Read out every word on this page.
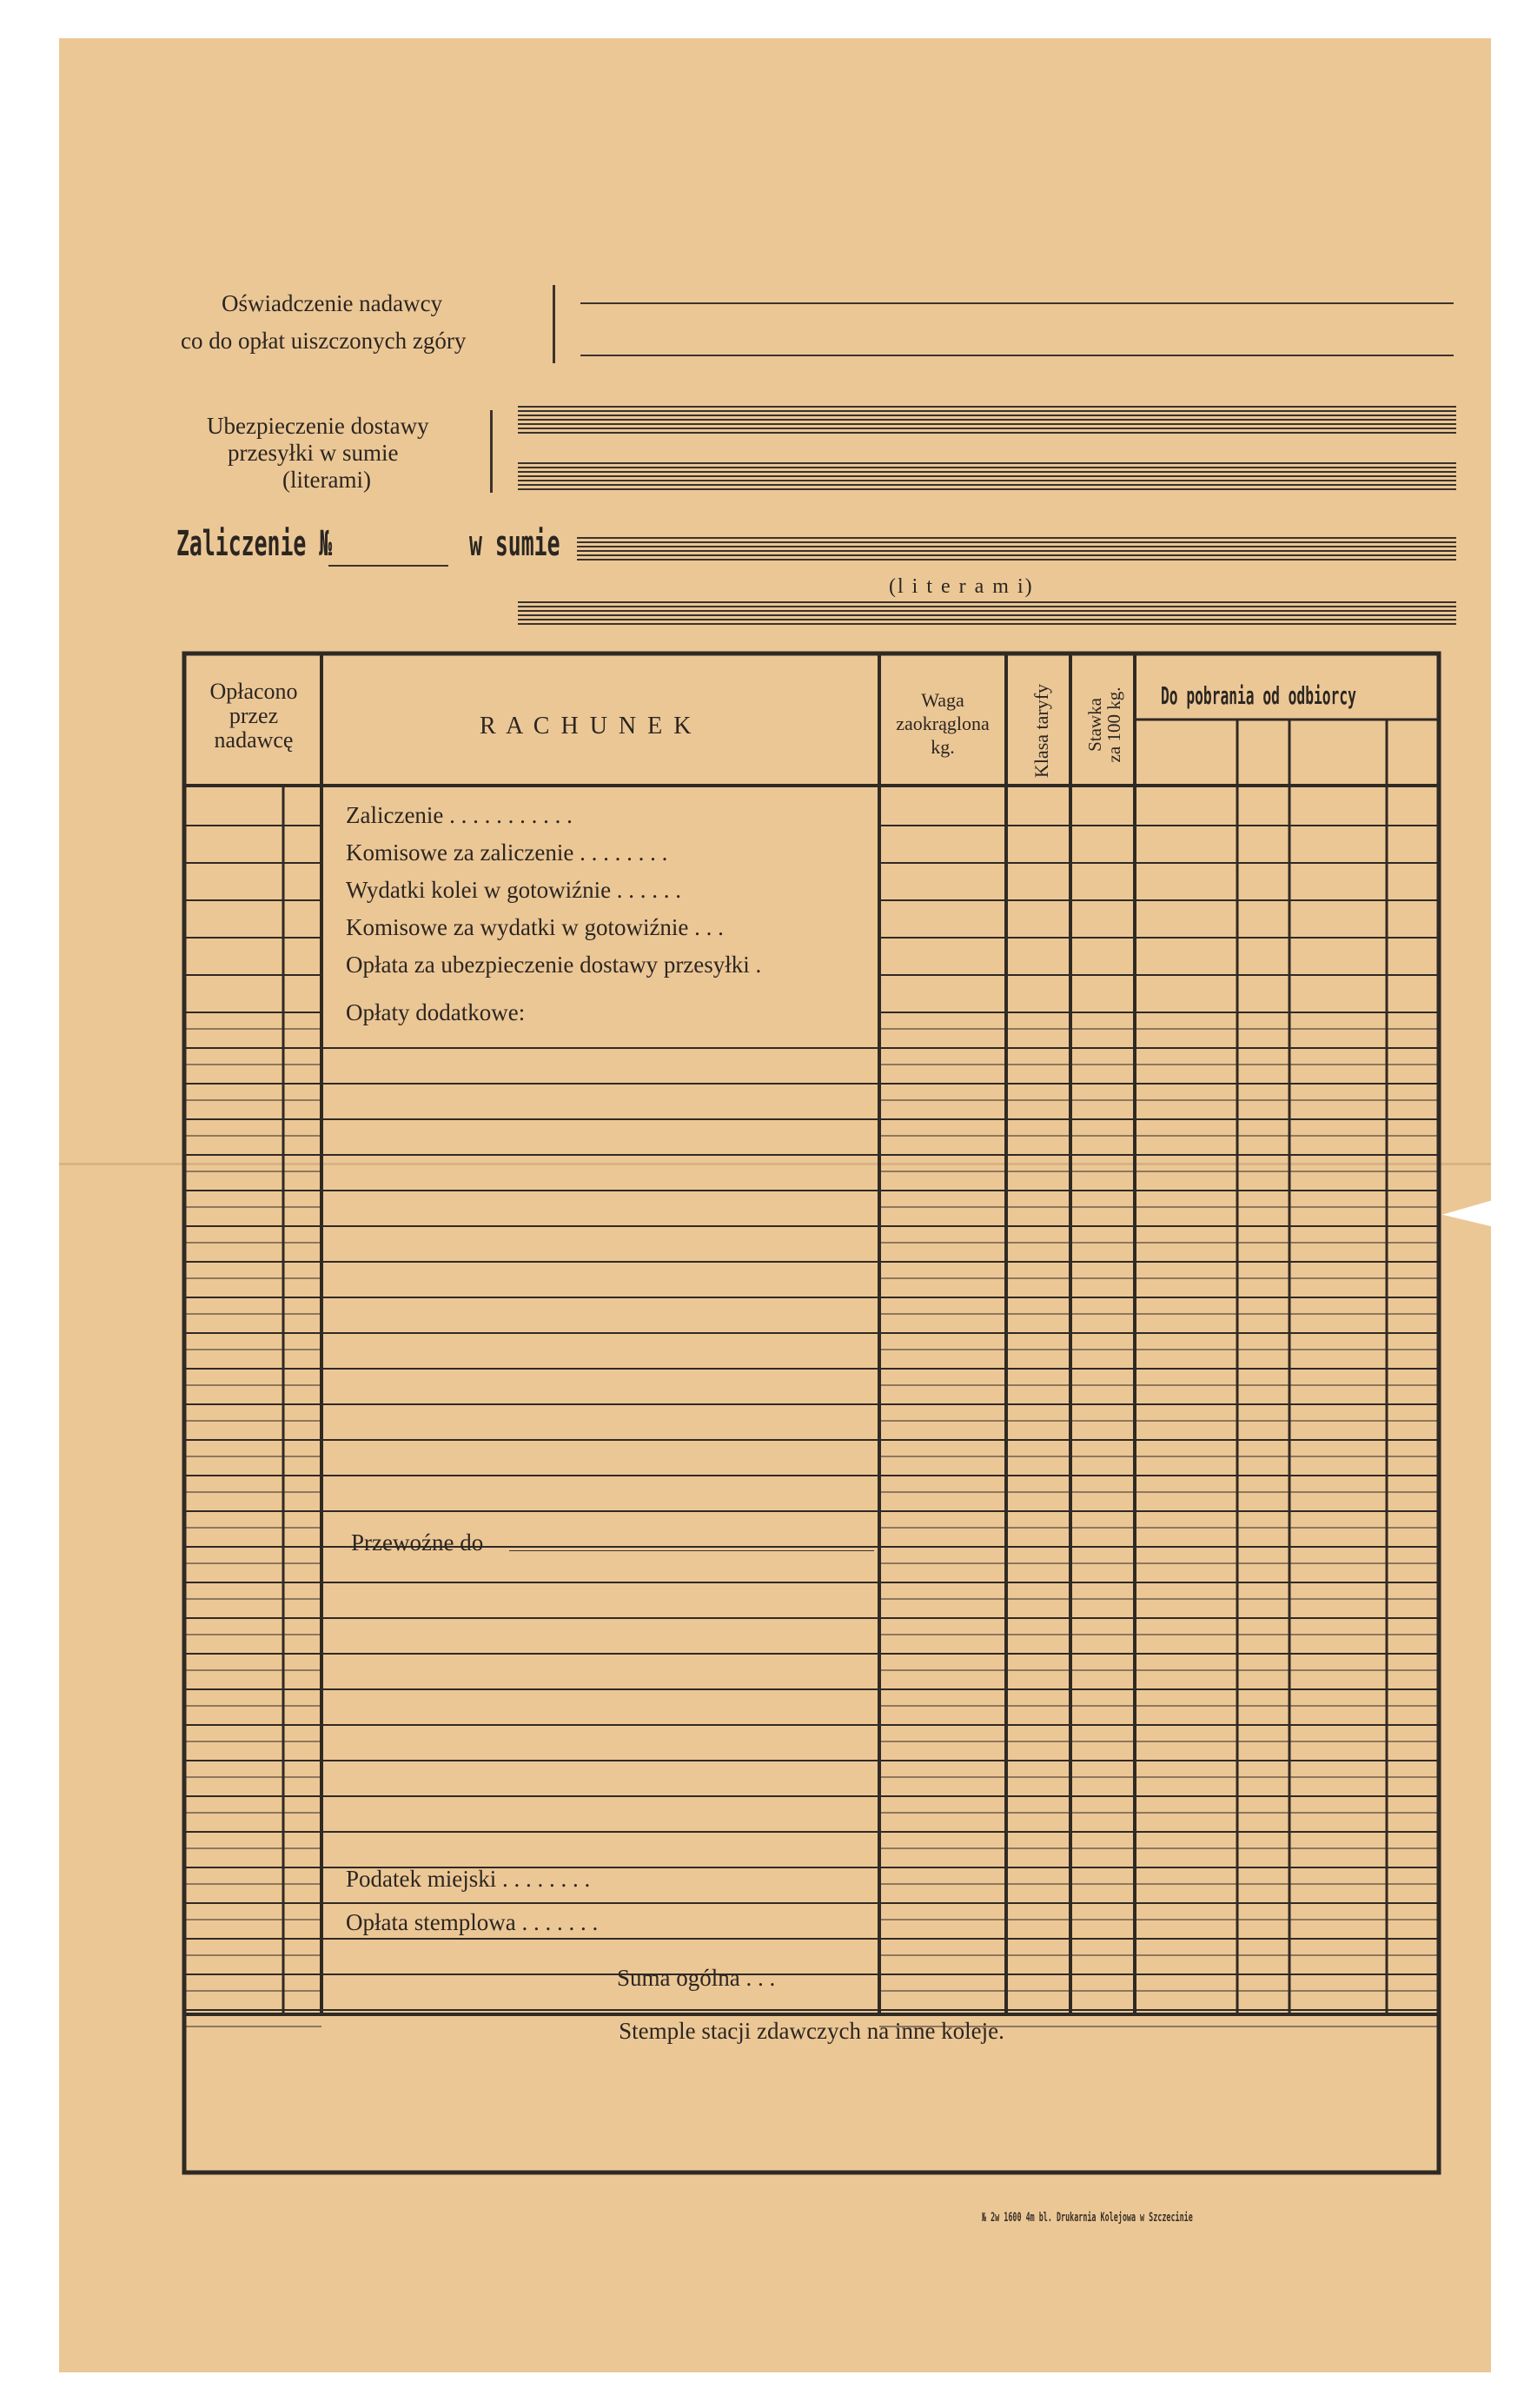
Oświadczenie nadawcy
co do opłat uiszczonych zgóry
Ubezpieczenie dostawy
przesyłki w sumie
(literami)
Zaliczenie №	w sumie
(l i t e r a m i)
Opłacono
przez
nadawcę
R A C H U N E K
Waga
zaokrąglona
kg.	Klasa taryfy Stawka
za 100 kg. Do pobrania od odbiorcy
Zaliczenie . . . . . . . . . . .
Komisowe za zaliczenie . . . . . . . .
Wydatki kolei w gotowiźnie . . . . . .
Komisowe za wydatki w gotowiźnie . . .
Opłata za ubezpieczenie dostawy przesyłki .
Opłaty dodatkowe:
Przewoźne do
Podatek miejski . . . . . . . .
Opłata stemplowa . . . . . . .
Suma ogólna . . .
Stemple stacji zdawczych na inne koleje.
№ 2w 1600 4m bl. Drukarnia Kolejowa w Szczecinie
